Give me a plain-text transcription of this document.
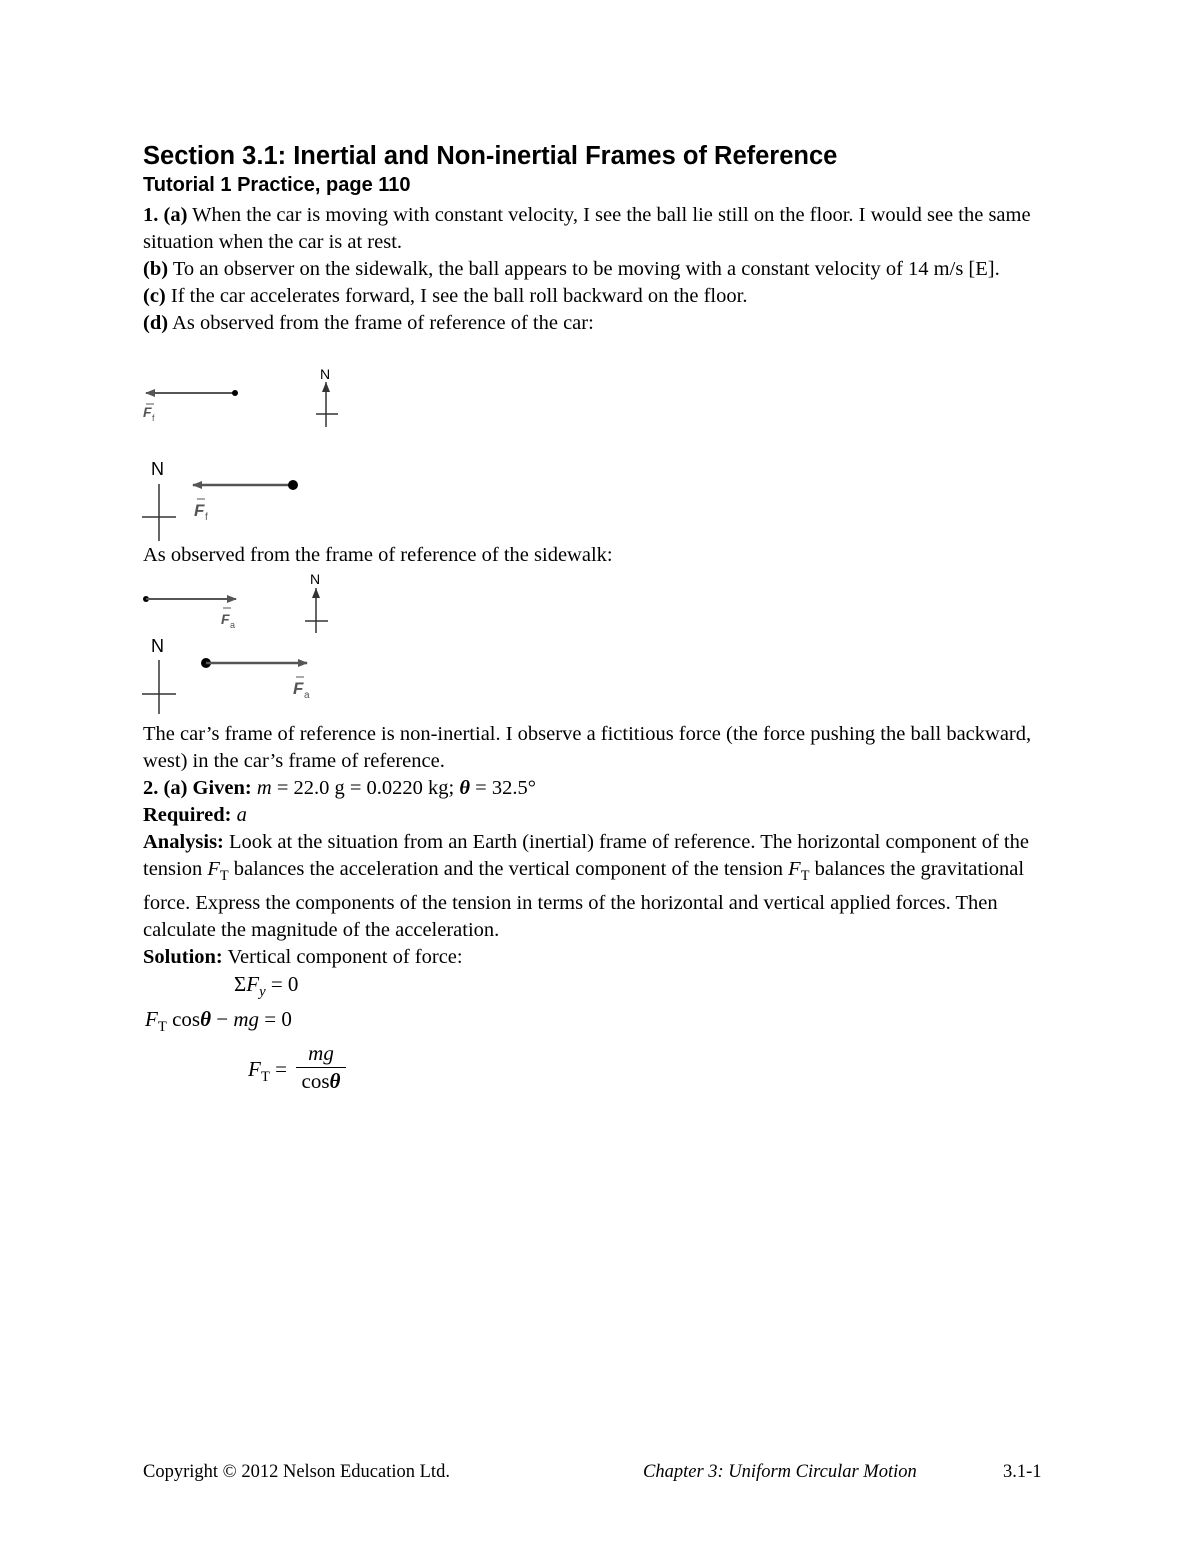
Section 3.1: Inertial and Non-inertial Frames of Reference
Tutorial 1 Practice, page 110

1. (a) When the car is moving with constant velocity, I see the ball lie still on the floor. I would see the same situation when the car is at rest.

(b) To an observer on the sidewalk, the ball appears to be moving with a constant velocity of 14 m/s [E].

(c) If the car accelerates forward, I see the ball roll backward on the floor.

(d) As observed from the frame of reference of the car:

F f
N
N
F f
F a
N
N
F a
As observed from the frame of reference of the sidewalk:

The car’s frame of reference is non-inertial. I observe a fictitious force (the force pushing the ball backward, west) in the car’s frame of reference.

2. (a) Given: m = 22.0 g = 0.0220 kg; θ = 32.5°

Required: a

Analysis: Look at the situation from an Earth (inertial) frame of reference. The horizontal component of the tension $F_T$ balances the acceleration and the vertical component of the tension $F_T$ balances the gravitational force. Express the components of the tension in terms of the horizontal and vertical applied forces. Then calculate the magnitude of the acceleration.

Solution: Vertical component of force:

$\Sigma F_y = 0$
$F_T$ cosθ − mg = 0
$F_T$ =
mg
cosθ
Copyright © 2012 Nelson Education Ltd.	Chapter 3: Uniform Circular Motion	3.1-1
